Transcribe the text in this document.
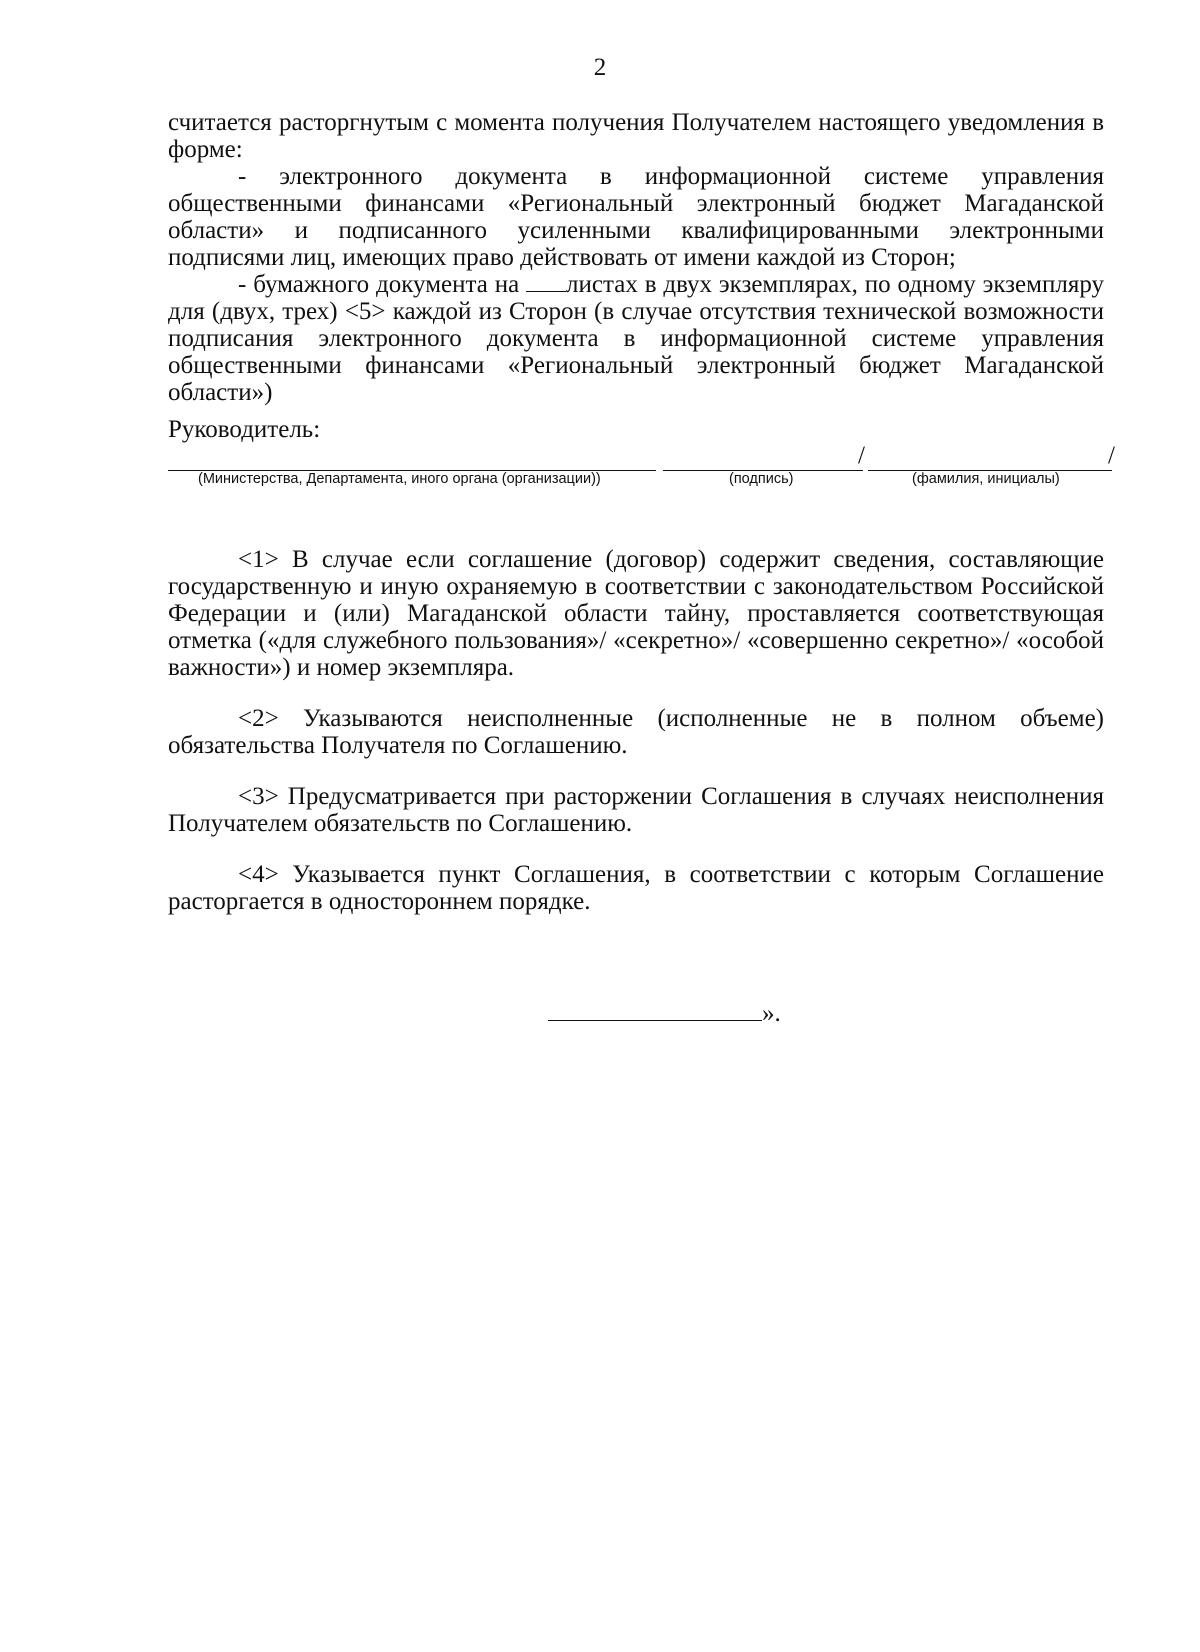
2

считается расторгнутым с момента получения Получателем настоящего уведомления в форме:

- электронного документа в информационной системе управления общественными финансами «Региональный электронный бюджет Магаданской области» и подписанного усиленными квалифицированными электронными подписями лиц, имеющих право действовать от имени каждой из Сторон;

- бумажного документа на листах в двух экземплярах, по одному экземпляру для (двух, трех) <5> каждой из Сторон (в случае отсутствия технической возможности подписания электронного документа в информационной системе управления общественными финансами «Региональный электронный бюджет Магаданской области»)

Руководитель:
/	/
(Министерства, Департамента, иного органа (организации))	(подпись)	(фамилия, инициалы)

<1> В случае если соглашение (договор) содержит сведения, составляющие государственную и иную охраняемую в соответствии с законодательством Российской Федерации и (или) Магаданской области тайну, проставляется соответствующая отметка («для служебного пользования»/ «секретно»/ «совершенно секретно»/ «особой важности») и номер экземпляра.

<2> Указываются неисполненные (исполненные не в полном объеме) обязательства Получателя по Соглашению.

<3> Предусматривается при расторжении Соглашения в случаях неисполнения Получателем обязательств по Соглашению.

<4> Указывается пункт Соглашения, в соответствии с которым Соглашение расторгается в одностороннем порядке.

».
